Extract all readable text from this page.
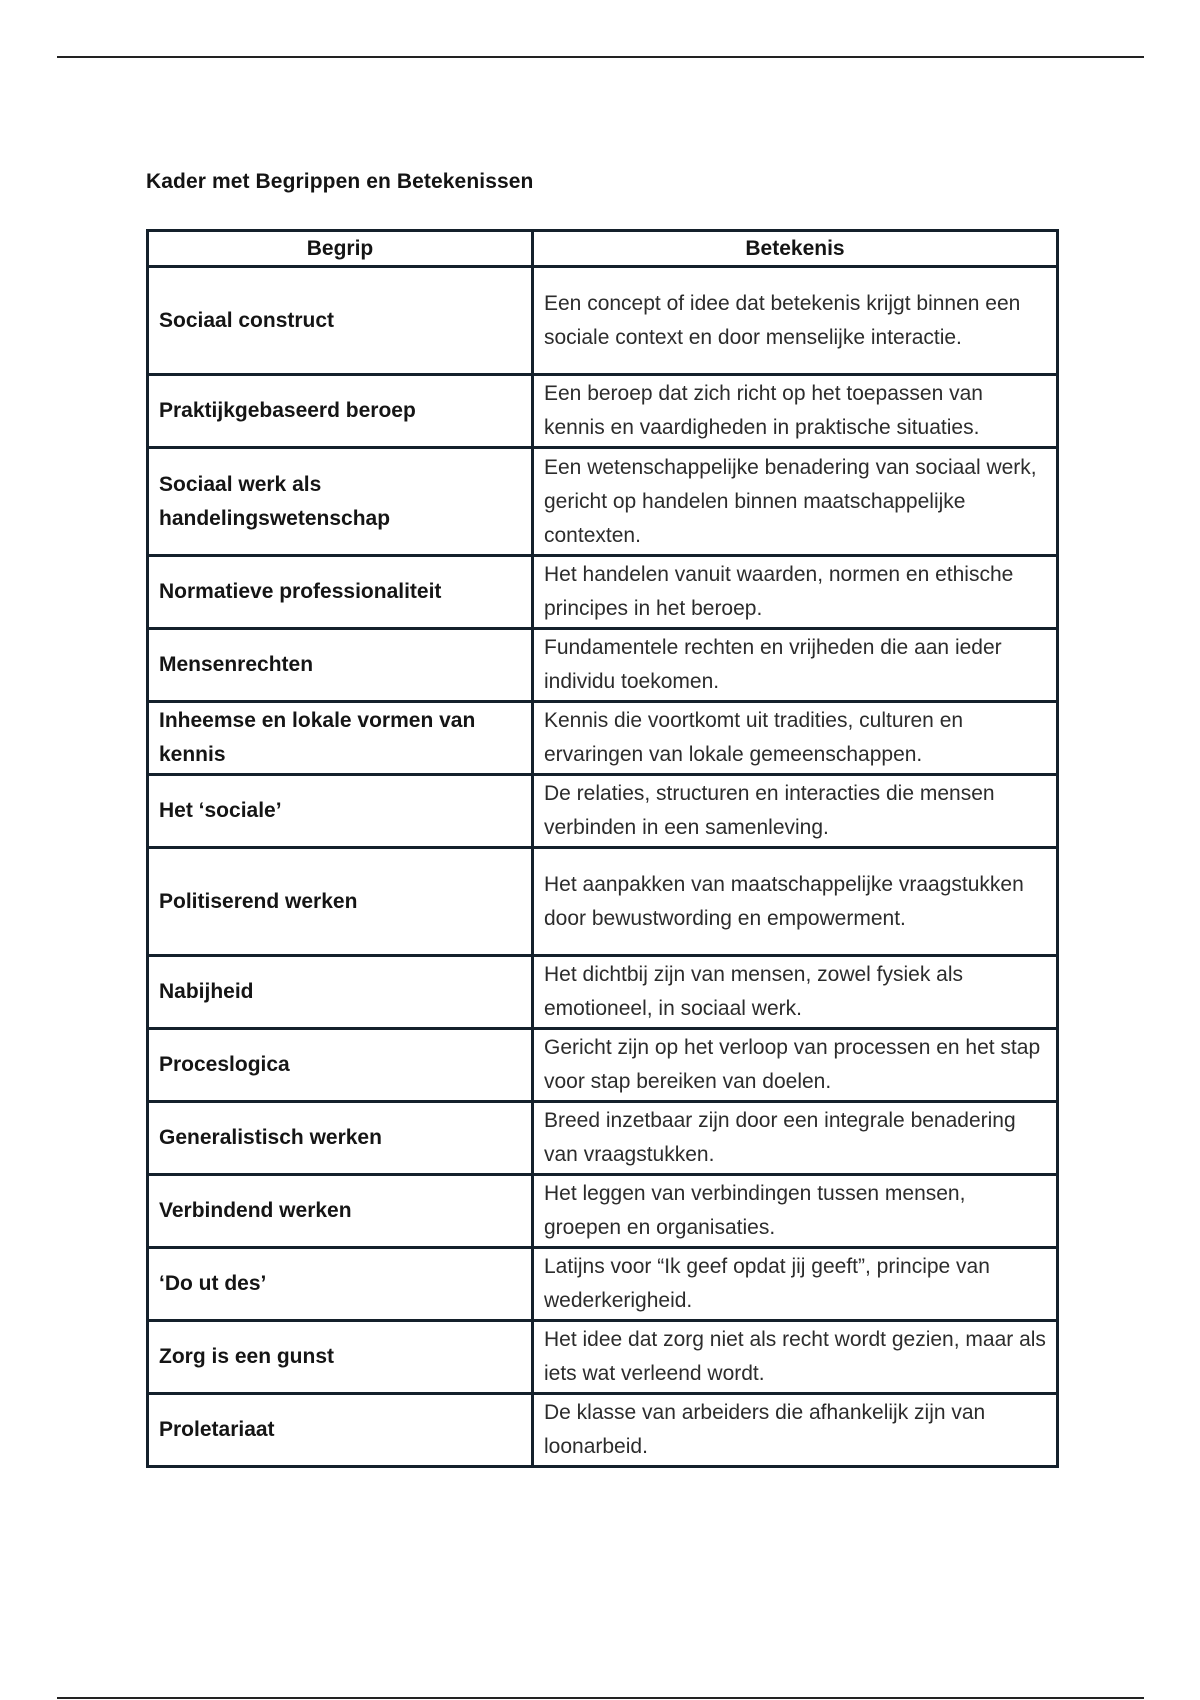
Kader met Begrippen en Betekenissen
Begrip	Betekenis
Sociaal construct	Een concept of idee dat betekenis krijgt binnen een sociale context en door menselijke interactie.
Praktijkgebaseerd beroep	Een beroep dat zich richt op het toepassen van kennis en vaardigheden in praktische situaties.
Sociaal werk als handelingswetenschap	Een wetenschappelijke benadering van sociaal werk, gericht op handelen binnen maatschappelijke contexten.
Normatieve professionaliteit	Het handelen vanuit waarden, normen en ethische principes in het beroep.
Mensenrechten	Fundamentele rechten en vrijheden die aan ieder individu toekomen.
Inheemse en lokale vormen van kennis	Kennis die voortkomt uit tradities, culturen en ervaringen van lokale gemeenschappen.
Het ‘sociale’	De relaties, structuren en interacties die mensen verbinden in een samenleving.
Politiserend werken	Het aanpakken van maatschappelijke vraagstukken door bewustwording en empowerment.
Nabijheid	Het dichtbij zijn van mensen, zowel fysiek als emotioneel, in sociaal werk.
Proceslogica	Gericht zijn op het verloop van processen en het stap voor stap bereiken van doelen.
Generalistisch werken	Breed inzetbaar zijn door een integrale benadering van vraagstukken.
Verbindend werken	Het leggen van verbindingen tussen mensen, groepen en organisaties.
‘Do ut des’	Latijns voor “Ik geef opdat jij geeft”, principe van wederkerigheid.
Zorg is een gunst	Het idee dat zorg niet als recht wordt gezien, maar als iets wat verleend wordt.
Proletariaat	De klasse van arbeiders die afhankelijk zijn van loonarbeid.
